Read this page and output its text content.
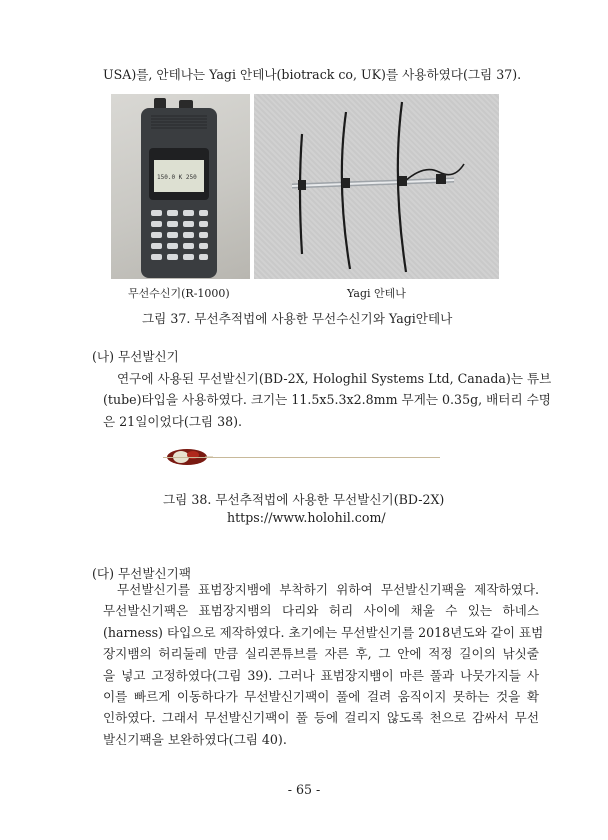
USA)를, 안테나는 Yagi 안테나(biotrack co, UK)를 사용하였다(그림 37).
150.0 K 250
무선수신기(R-1000)	Yagi 안테나
그림 37. 무선추적법에 사용한 무선수신기와 Yagi안테나
(나) 무선발신기
연구에 사용된 무선발신기(BD-2X, Hologhil Systems Ltd, Canada)는 튜브
(tube)타입을 사용하였다. 크기는 11.5x5.3x2.8mm 무게는 0.35g, 배터리 수명
은 21일이었다(그림 38).
그림 38. 무선추적법에 사용한 무선발신기(BD-2X)
https://www.holohil.com/
(다) 무선발신기팩
무선발신기를 표범장지뱀에 부착하기 위하여 무선발신기팩을 제작하였다.
무선발신기팩은 표범장지뱀의 다리와 허리 사이에 채울 수 있는 하네스
(harness) 타입으로 제작하였다. 초기에는 무선발신기를 2018년도와 같이 표범
장지뱀의 허리둘레 만큼 실리콘튜브를 자른 후, 그 안에 적정 길이의 낚싯줄
을 넣고 고정하였다(그림 39). 그러나 표범장지뱀이 마른 풀과 나뭇가지들 사
이를 빠르게 이동하다가 무선발신기팩이 풀에 걸려 움직이지 못하는 것을 확
인하였다. 그래서 무선발신기팩이 풀 등에 걸리지 않도록 천으로 감싸서 무선
발신기팩을 보완하였다(그림 40).
- 65 -
